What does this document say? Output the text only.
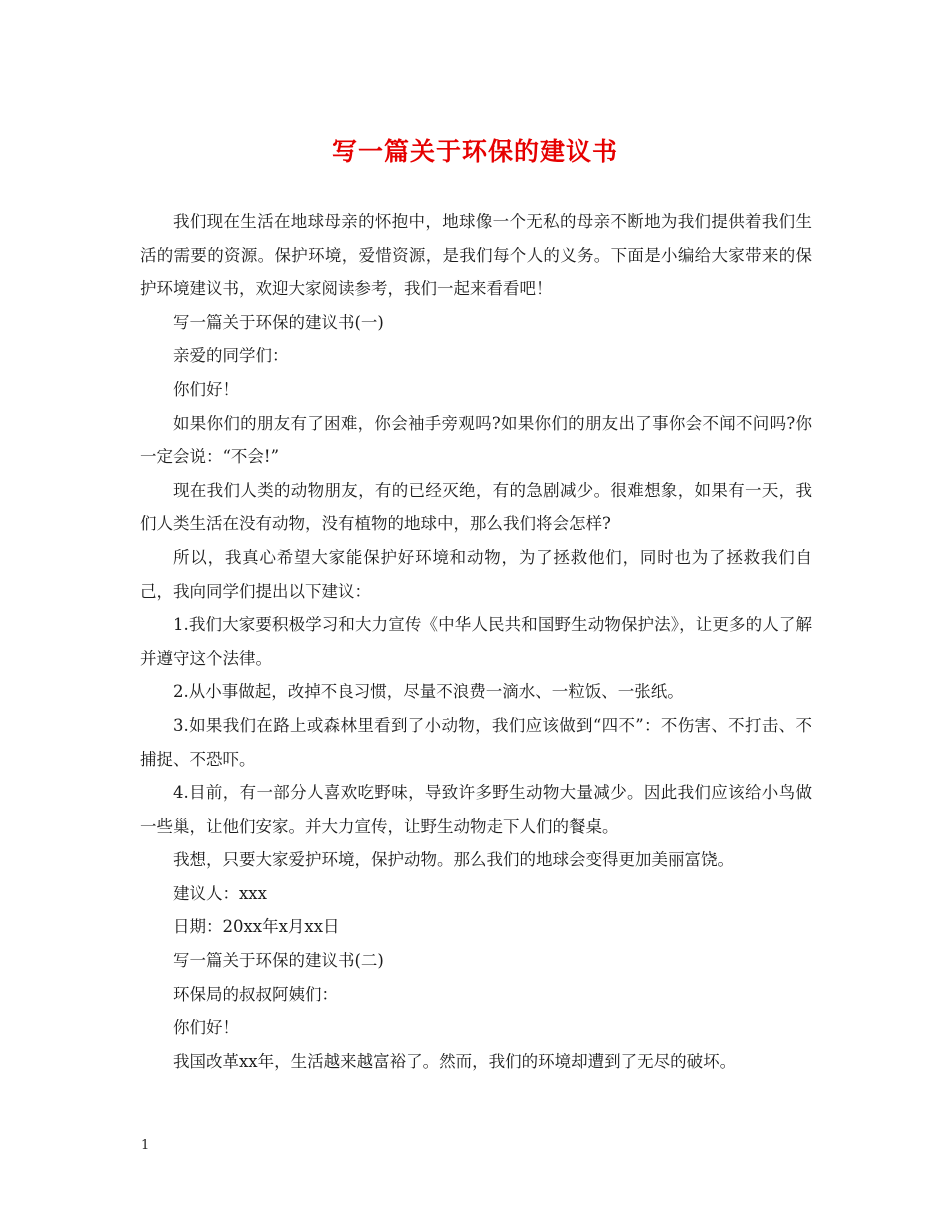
写一篇关于环保的建议书

我们现在生活在地球母亲的怀抱中，地球像一个无私的母亲不断地为我们提供着我们生活的需要的资源。保护环境，爱惜资源，是我们每个人的义务。下面是小编给大家带来的保护环境建议书，欢迎大家阅读参考，我们一起来看看吧！

写一篇关于环保的建议书(一)

亲爱的同学们：

你们好！

如果你们的朋友有了困难，你会袖手旁观吗?如果你们的朋友出了事你会不闻不问吗?你一定会说：“不会!”

现在我们人类的动物朋友，有的已经灭绝，有的急剧减少。很难想象，如果有一天，我们人类生活在没有动物，没有植物的地球中，那么我们将会怎样?

所以，我真心希望大家能保护好环境和动物，为了拯救他们，同时也为了拯救我们自己，我向同学们提出以下建议：

1.我们大家要积极学习和大力宣传《中华人民共和国野生动物保护法》，让更多的人了解并遵守这个法律。

2.从小事做起，改掉不良习惯，尽量不浪费一滴水、一粒饭、一张纸。

3.如果我们在路上或森林里看到了小动物，我们应该做到“四不”：不伤害、不打击、不捕捉、不恐吓。

4.目前，有一部分人喜欢吃野味，导致许多野生动物大量减少。因此我们应该给小鸟做一些巢，让他们安家。并大力宣传，让野生动物走下人们的餐桌。

我想，只要大家爱护环境，保护动物。那么我们的地球会变得更加美丽富饶。

建议人：xxx

日期：20xx年x月xx日

写一篇关于环保的建议书(二)

环保局的叔叔阿姨们：

你们好！

我国改革xx年，生活越来越富裕了。然而，我们的环境却遭到了无尽的破坏。

1
